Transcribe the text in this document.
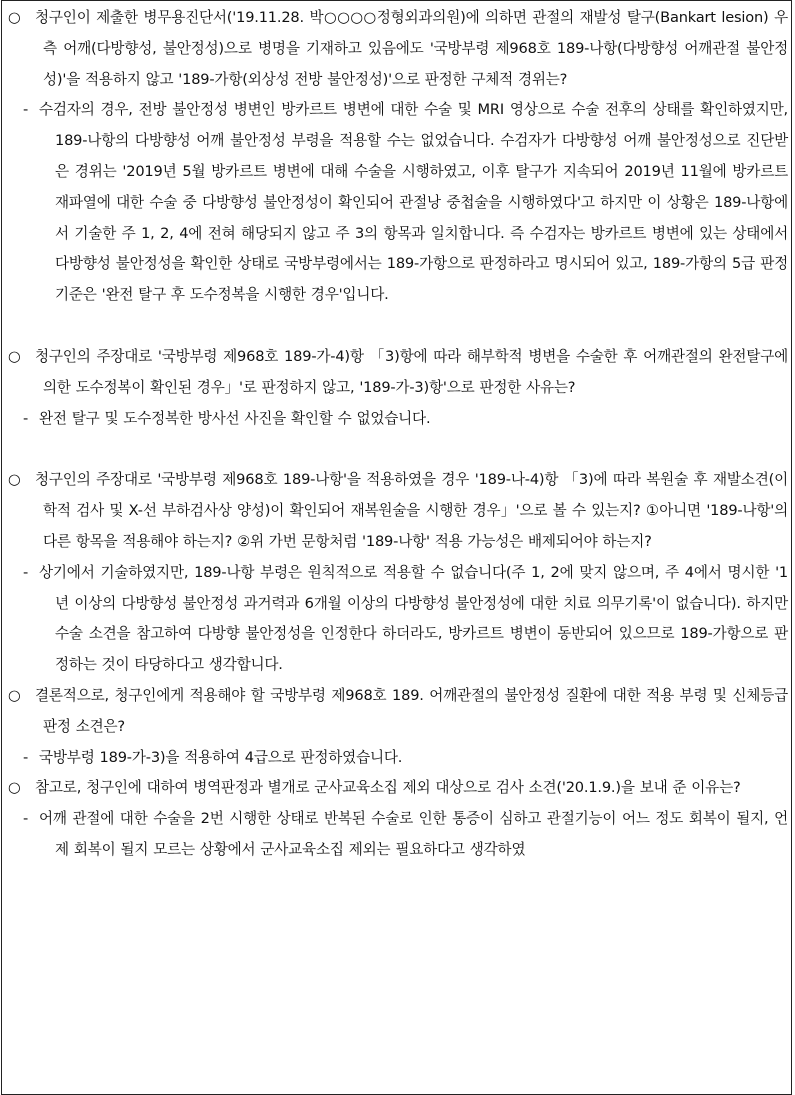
○ 청구인이 제출한 병무용진단서('19.11.28. 박○○○○정형외과의원)에 의하면 관절의 재발성 탈구(Bankart lesion) 우측 어깨(다방향성, 불안정성)으로 병명을 기재하고 있음에도 '국방부령 제968호 189-나항(다방향성 어깨관절 불안정성)'을 적용하지 않고 '189-가항(외상성 전방 불안정성)'으로 판정한 구체적 경위는?

- 수검자의 경우, 전방 불안정성 병변인 방카르트 병변에 대한 수술 및 MRI 영상으로 수술 전후의 상태를 확인하였지만, 189-나항의 다방향성 어깨 불안정성 부령을 적용할 수는 없었습니다. 수검자가 다방향성 어깨 불안정성으로 진단받은 경위는 '2019년 5월 방카르트 병변에 대해 수술을 시행하였고, 이후 탈구가 지속되어 2019년 11월에 방카르트 재파열에 대한 수술 중 다방향성 불안정성이 확인되어 관절낭 중첩술을 시행하였다'고 하지만 이 상황은 189-나항에서 기술한 주 1, 2, 4에 전혀 해당되지 않고 주 3의 항목과 일치합니다. 즉 수검자는 방카르트 병변에 있는 상태에서 다방향성 불안정성을 확인한 상태로 국방부령에서는 189-가항으로 판정하라고 명시되어 있고, 189-가항의 5급 판정기준은 '완전 탈구 후 도수정복을 시행한 경우'입니다.

○ 청구인의 주장대로 '국방부령 제968호 189-가-4)항 「3)항에 따라 해부학적 병변을 수술한 후 어깨관절의 완전탈구에 의한 도수정복이 확인된 경우」'로 판정하지 않고, '189-가-3)항'으로 판정한 사유는?

- 완전 탈구 및 도수정복한 방사선 사진을 확인할 수 없었습니다.

○ 청구인의 주장대로 '국방부령 제968호 189-나항'을 적용하였을 경우 '189-나-4)항 「3)에 따라 복원술 후 재발소견(이학적 검사 및 X-선 부하검사상 양성)이 확인되어 재복원술을 시행한 경우」'으로 볼 수 있는지? ①아니면 '189-나항'의 다른 항목을 적용해야 하는지? ②위 가번 문항처럼 '189-나항' 적용 가능성은 배제되어야 하는지?

- 상기에서 기술하였지만, 189-나항 부령은 원칙적으로 적용할 수 없습니다(주 1, 2에 맞지 않으며, 주 4에서 명시한 '1년 이상의 다방향성 불안정성 과거력과 6개월 이상의 다방향성 불안정성에 대한 치료 의무기록'이 없습니다). 하지만 수술 소견을 참고하여 다방향 불안정성을 인정한다 하더라도, 방카르트 병변이 동반되어 있으므로 189-가항으로 판정하는 것이 타당하다고 생각합니다.

○ 결론적으로, 청구인에게 적용해야 할 국방부령 제968호 189. 어깨관절의 불안정성 질환에 대한 적용 부령 및 신체등급 판정 소견은?

- 국방부령 189-가-3)을 적용하여 4급으로 판정하였습니다.

○ 참고로, 청구인에 대하여 병역판정과 별개로 군사교육소집 제외 대상으로 검사 소견('20.1.9.)을 보내 준 이유는?

- 어깨 관절에 대한 수술을 2번 시행한 상태로 반복된 수술로 인한 통증이 심하고 관절기능이 어느 정도 회복이 될지, 언제 회복이 될지 모르는 상황에서 군사교육소집 제외는 필요하다고 생각하였
